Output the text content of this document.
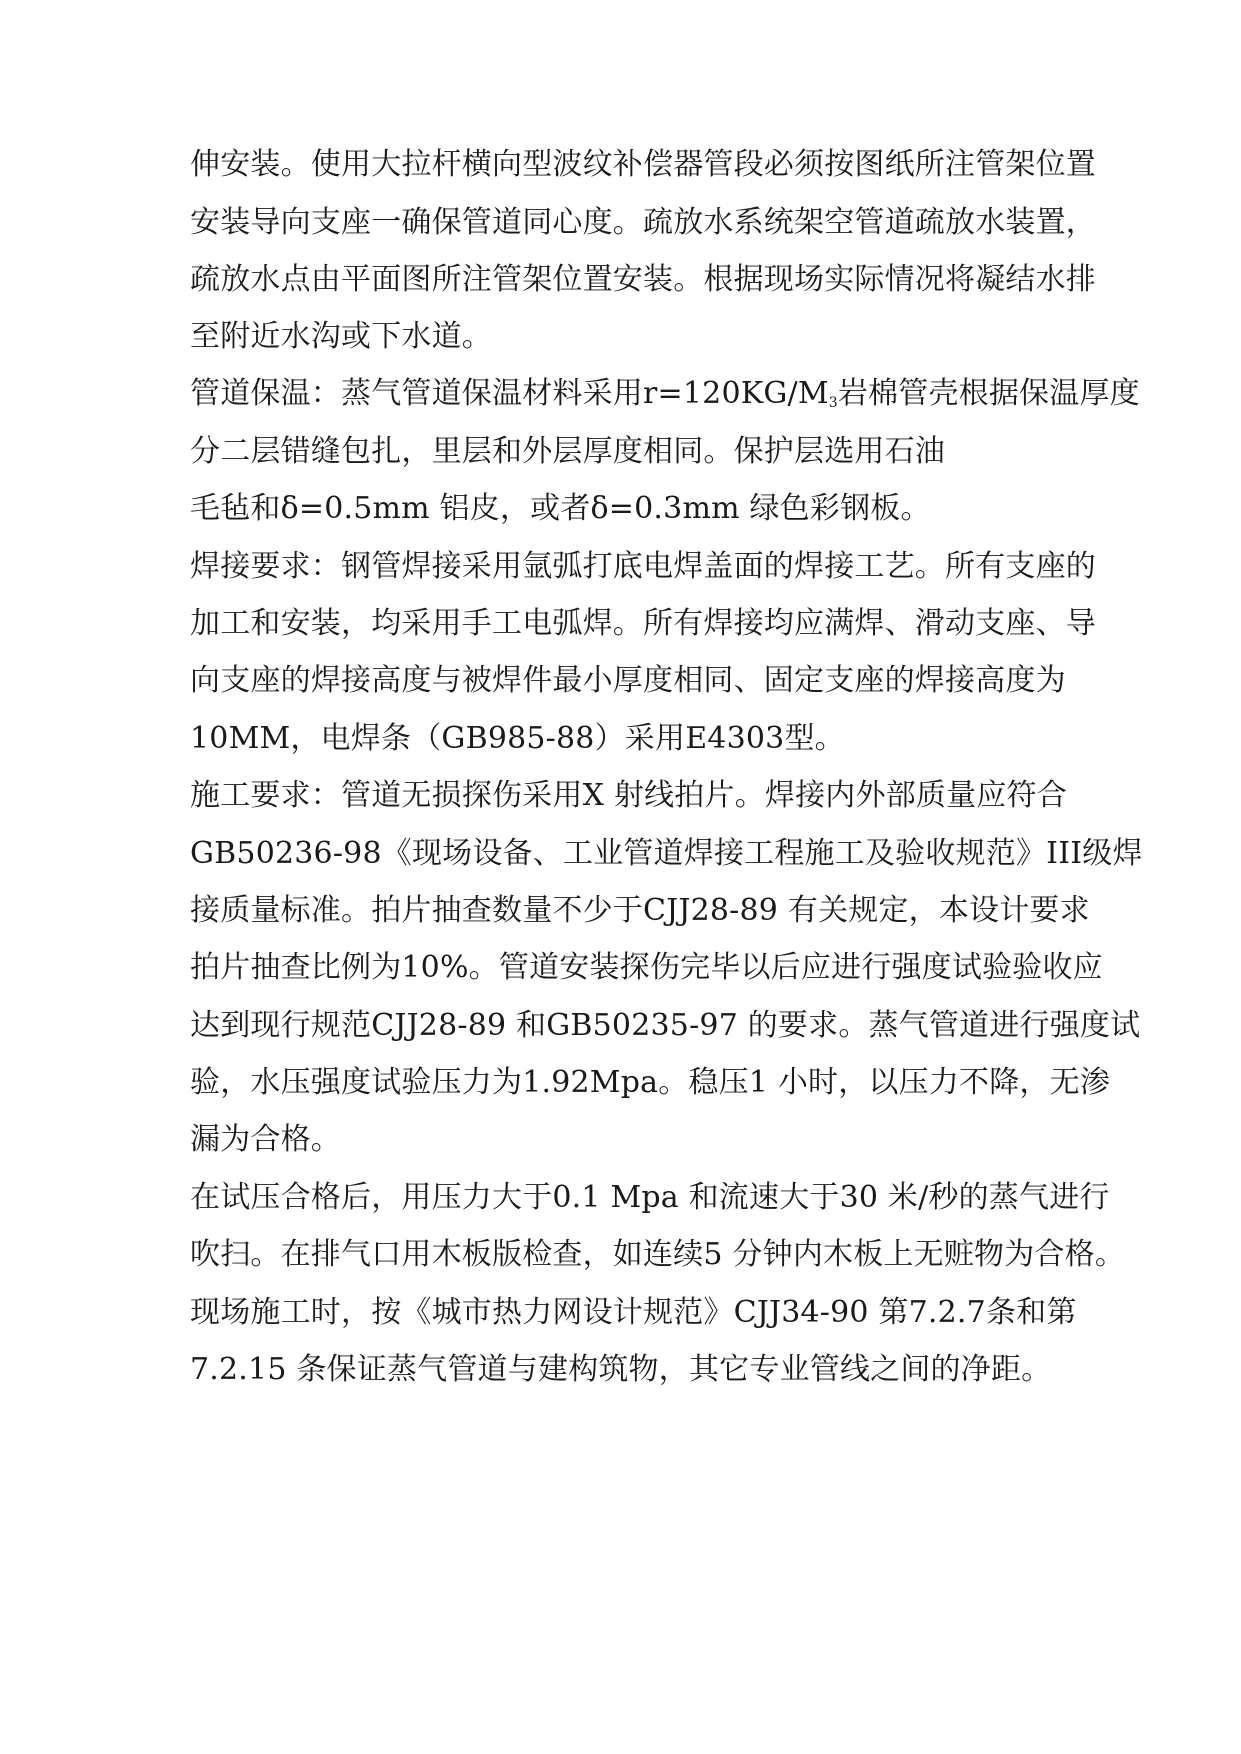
伸安装。使用大拉杆横向型波纹补偿器管段必须按图纸所注管架位置
安装导向支座一确保管道同心度。疏放水系统架空管道疏放水装置，
疏放水点由平面图所注管架位置安装。根据现场实际情况将凝结水排
至附近水沟或下水道。
管道保温：蒸气管道保温材料采用$r=120KG/M_3$岩棉管壳根据保温厚度
分二层错缝包扎，里层和外层厚度相同。保护层选用石油
毛毡和δ=0.5mm 铝皮，或者δ=0.3mm 绿色彩钢板。
焊接要求：钢管焊接采用氩弧打底电焊盖面的焊接工艺。所有支座的
加工和安装，均采用手工电弧焊。所有焊接均应满焊、滑动支座、导
向支座的焊接高度与被焊件最小厚度相同、固定支座的焊接高度为
10MM，电焊条（GB985-88）采用E4303型。
施工要求：管道无损探伤采用X 射线拍片。焊接内外部质量应符合
GB50236-98《现场设备、工业管道焊接工程施工及验收规范》III级焊
接质量标准。拍片抽查数量不少于CJJ28-89 有关规定，本设计要求
拍片抽查比例为10%。管道安装探伤完毕以后应进行强度试验验收应
达到现行规范CJJ28-89 和GB50235-97 的要求。蒸气管道进行强度试
验，水压强度试验压力为1.92Mpa。稳压1 小时，以压力不降，无渗
漏为合格。
在试压合格后，用压力大于0.1 Mpa 和流速大于30 米/秒的蒸气进行
吹扫。在排气口用木板版检查，如连续5 分钟内木板上无赃物为合格。
现场施工时，按《城市热力网设计规范》CJJ34-90 第7.2.7条和第
7.2.15 条保证蒸气管道与建构筑物，其它专业管线之间的净距。
